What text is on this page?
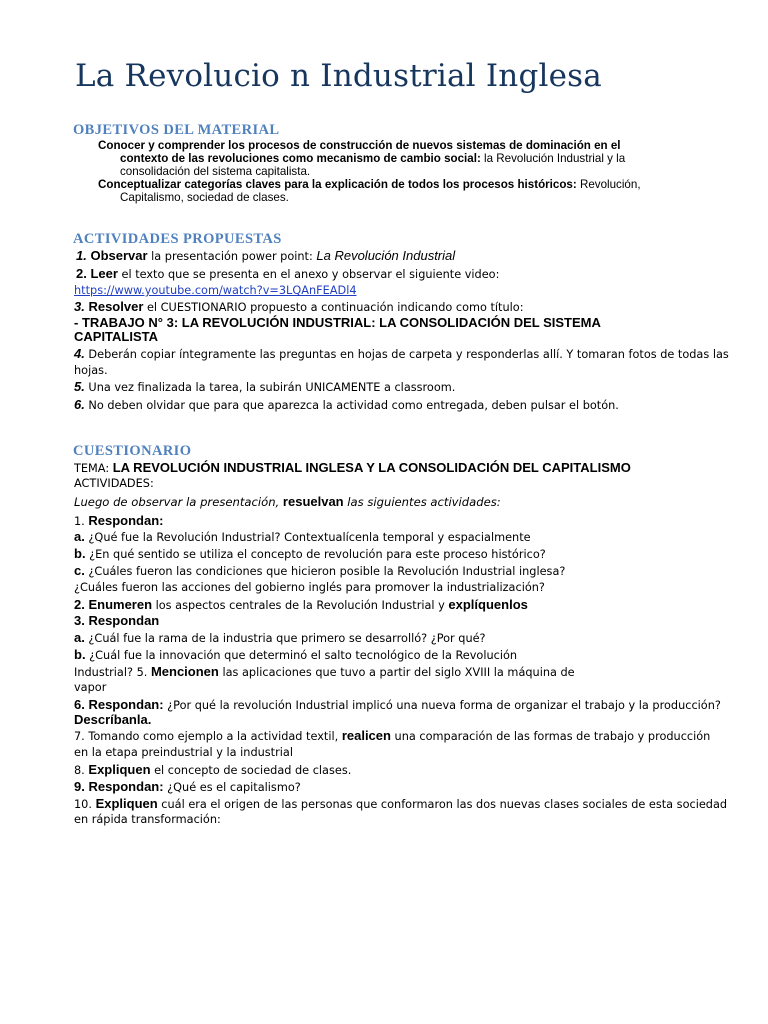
La Revolucio n Industrial Inglesa
OBJETIVOS DEL MATERIAL
Conocer y comprender los procesos de construcción de nuevos sistemas de dominación en el
contexto de las revoluciones como mecanismo de cambio social: la Revolución Industrial y la
consolidación del sistema capitalista.
Conceptualizar categorías claves para la explicación de todos los procesos históricos: Revolución,
Capitalismo, sociedad de clases.
ACTIVIDADES PROPUESTAS
1. Observar la presentación power point: La Revolución Industrial
2. Leer el texto que se presenta en el anexo y observar el siguiente video:
https://www.youtube.com/watch?v=3LQAnFEADl4
3. Resolver el CUESTIONARIO propuesto a continuación indicando como título:
- TRABAJO N° 3: LA REVOLUCIÓN INDUSTRIAL: LA CONSOLIDACIÓN DEL SISTEMA
CAPITALISTA
4. Deberán copiar íntegramente las preguntas en hojas de carpeta y responderlas allí. Y tomaran fotos de todas las
hojas.
5. Una vez finalizada la tarea, la subirán UNICAMENTE a classroom.
6. No deben olvidar que para que aparezca la actividad como entregada, deben pulsar el botón.
CUESTIONARIO
TEMA: LA REVOLUCIÓN INDUSTRIAL INGLESA Y LA CONSOLIDACIÓN DEL CAPITALISMO
ACTIVIDADES:
Luego de observar la presentación, resuelvan las siguientes actividades:
1. Respondan:
a. ¿Qué fue la Revolución Industrial? Contextualícenla temporal y espacialmente
b. ¿En qué sentido se utiliza el concepto de revolución para este proceso histórico?
c. ¿Cuáles fueron las condiciones que hicieron posible la Revolución Industrial inglesa?
¿Cuáles fueron las acciones del gobierno inglés para promover la industrialización?
2. Enumeren los aspectos centrales de la Revolución Industrial y explíquenlos
3. Respondan
a. ¿Cuál fue la rama de la industria que primero se desarrolló? ¿Por qué?
b. ¿Cuál fue la innovación que determinó el salto tecnológico de la Revolución
Industrial? 5. Mencionen las aplicaciones que tuvo a partir del siglo XVIII la máquina de
vapor
6. Respondan: ¿Por qué la revolución Industrial implicó una nueva forma de organizar el trabajo y la producción?
Descríbanla.
7. Tomando como ejemplo a la actividad textil, realicen una comparación de las formas de trabajo y producción
en la etapa preindustrial y la industrial
8. Expliquen el concepto de sociedad de clases.
9. Respondan: ¿Qué es el capitalismo?
10. Expliquen cuál era el origen de las personas que conformaron las dos nuevas clases sociales de esta sociedad
en rápida transformación:
